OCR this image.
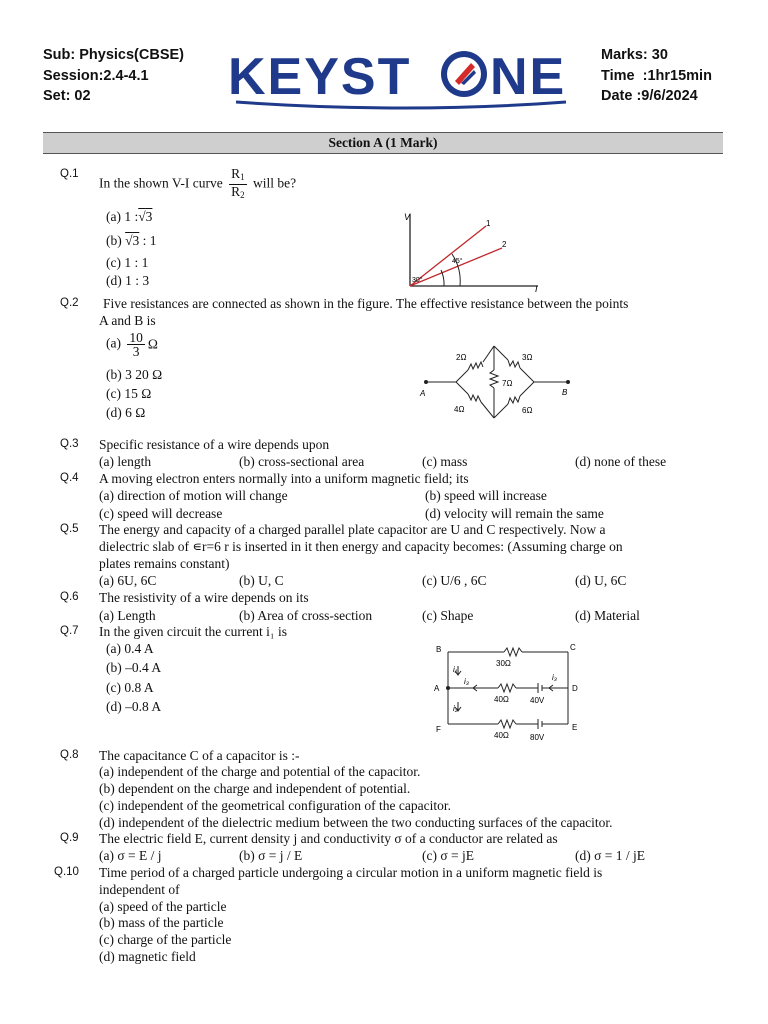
Sub: Physics(CBSE)
Session:2.4-4.1
Set: 02	KEYST NE Marks: 30
Time  :1hr15min
Date :9/6/2024
Section A (1 Mark)
Q.1
In the shown V-I curve $\frac{R_1}{R_2}$ will be?
(a) 1 :√3
(b) √3 : 1
(c) 1 : 1
(d) 1 : 3
V
I
1
2
45°
30°
Q.2 Five resistances are connected as shown in the figure. The effective resistance between the points
A and B is
$(a) \frac{10}{3}$ Ω
(b) 3 20 Ω
(c) 15 Ω
(d) 6 Ω
2Ω	3Ω
7Ω
4Ω	6Ω
A	B
Q.3 Specific resistance of a wire depends upon
(a) length	(b) cross-sectional area	(c) mass	(d) none of these
Q.4 A moving electron enters normally into a uniform magnetic field; its
(a) direction of motion will change	(b) speed will increase
(c) speed will decrease	(d) velocity will remain the same
Q.5 The energy and capacity of a charged parallel plate capacitor are U and C respectively. Now a
dielectric slab of ∊r=6 r is inserted in it then energy and capacity becomes: (Assuming charge on
plates remains constant)
(a) 6U, 6C	(b) U, C	(c) U/6 , 6C	(d) U, 6C
Q.6 The resistivity of a wire depends on its
(a) Length	(b) Area of cross-section	(c) Shape	(d) Material
Q.7 In the given circuit the current i₁ is
(a) 0.4 A
(b) –0.4 A
(c) 0.8 A
(d) –0.8 A
B	C
A	D
F	E
30Ω
40Ω	40V
40Ω	80V
i₁
i₂
i₃	i₃
Q.8 The capacitance C of a capacitor is :-
(a) independent of the charge and potential of the capacitor.
(b) dependent on the charge and independent of potential.
(c) independent of the geometrical configuration of the capacitor.
(d) independent of the dielectric medium between the two conducting surfaces of the capacitor.
Q.9 The electric field E, current density j and conductivity σ of a conductor are related as
(a) σ = E / j	(b) σ = j / E	(c) σ = jE	(d) σ = 1 / jE
Q.10 Time period of a charged particle undergoing a circular motion in a uniform magnetic field is
independent of
(a) speed of the particle
(b) mass of the particle
(c) charge of the particle
(d) magnetic field
